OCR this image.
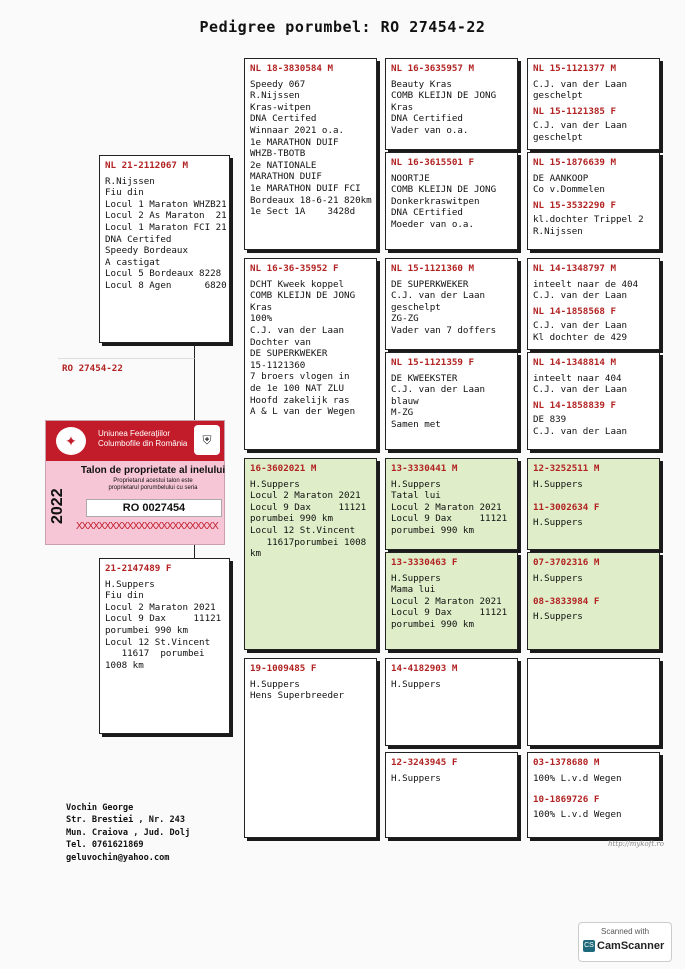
Pedigree porumbel: RO 27454-22
RO 27454-22
✦	Uniunea Federaţiilor Columbofile din România	⛨
Talon de proprietate al inelului
Proprietarul acestui talon este
proprietarul porumbelului cu seria
2022	RO 0027454
XXXXXXXXXXXXXXXXXXXXXXXXX
NL 21-2112067 M
R.Nijssen
Fiu din
Locul 1 Maraton WHZB21
Locul 2 As Maraton  21
Locul 1 Maraton FCI 21
DNA Certifed
Speedy Bordeaux
A castigat
Locul 5 Bordeaux 8228
Locul 8 Agen      6820
21-2147489 F
H.Suppers
Fiu din
Locul 2 Maraton 2021
Locul 9 Dax     11121
porumbei 990 km
Locul 12 St.Vincent
11617  porumbei
1008 km
NL 18-3830584 M
Speedy 067
R.Nijssen
Kras-witpen
DNA Certifed
Winnaar 2021 o.a.
1e MARATHON DUIF
WHZB-TBOTB
2e NATIONALE
MARATHON DUIF
1e MARATHON DUIF FCI
Bordeaux 18-6-21 820km
1e Sect 1A    3428d
NL 16-36-35952 F
DCHT Kweek koppel
COMB KLEIJN DE JONG
Kras
100%
C.J. van der Laan
Dochter van
DE SUPERKWEKER
15-1121360
7 broers vlogen in
de 1e 100 NAT ZLU
Hoofd zakelijk ras
A & L van der Wegen
16-3602021 M
H.Suppers
Locul 2 Maraton 2021
Locul 9 Dax     11121
porumbei 990 km
Locul 12 St.Vincent
11617porumbei 1008
km
19-1009485 F
H.Suppers
Hens Superbreeder
NL 16-3635957 M
Beauty Kras
COMB KLEIJN DE JONG
Kras
DNA Certified
Vader van o.a.
NL 16-3615501 F
NOORTJE
COMB KLEIJN DE JONG
Donkerkraswitpen
DNA CErtified
Moeder van o.a.
NL 15-1121360 M
DE SUPERKWEKER
C.J. van der Laan
geschelpt
ZG-ZG
Vader van 7 doffers
NL 15-1121359 F
DE KWEEKSTER
C.J. van der Laan
blauw
M-ZG
Samen met
13-3330441 M
H.Suppers
Tatal lui
Locul 2 Maraton 2021
Locul 9 Dax     11121
porumbei 990 km
13-3330463 F
H.Suppers
Mama lui
Locul 2 Maraton 2021
Locul 9 Dax     11121
porumbei 990 km
14-4182903 M
H.Suppers
12-3243945 F
H.Suppers
NL 15-1121377 M
C.J. van der Laan
geschelpt
NL 15-1121385 F
C.J. van der Laan
geschelpt
NL 15-1876639 M
DE AANKOOP
Co v.Dommelen
NL 15-3532290 F
kl.dochter Trippel 2
R.Nijssen
NL 14-1348797 M
inteelt naar de 404
C.J. van der Laan
NL 14-1858568 F
C.J. van der Laan
Kl dochter de 429
NL 14-1348814 M
inteelt naar 404
C.J. van der Laan
NL 14-1858839 F
DE 839
C.J. van der Laan
12-3252511 M
H.Suppers
11-3002634 F
H.Suppers
07-3702316 M
H.Suppers
08-3833984 F
H.Suppers
03-1378680 M
100% L.v.d Wegen
10-1869726 F
100% L.v.d Wegen
Vochin George
Str. Brestiei , Nr. 243
Mun. Craiova , Jud. Dolj
Tel. 0761621869
geluvochin@yahoo.com
http://mykoft.ro
Scanned with
CS CamScanner
